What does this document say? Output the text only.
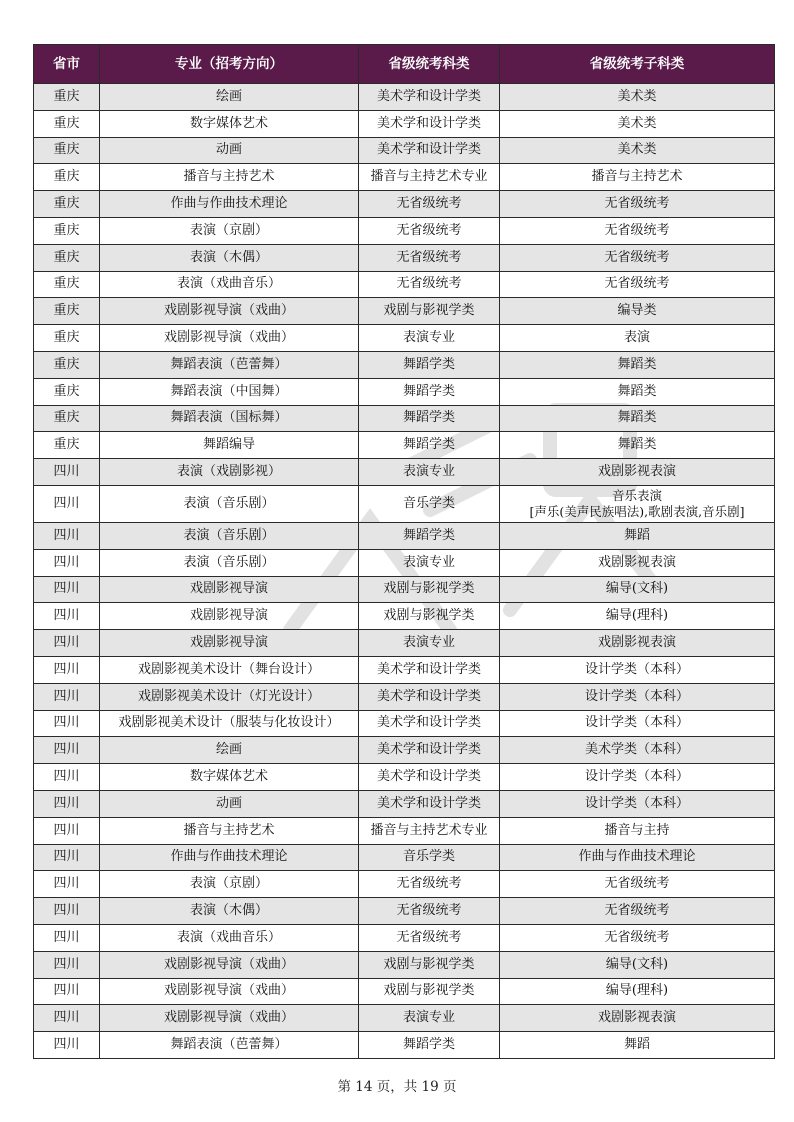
省市	专业（招考方向）	省级统考科类	省级统考子科类
重庆	绘画	美术学和设计学类	美术类
重庆	数字媒体艺术	美术学和设计学类	美术类
重庆	动画	美术学和设计学类	美术类
重庆	播音与主持艺术	播音与主持艺术专业	播音与主持艺术
重庆	作曲与作曲技术理论	无省级统考	无省级统考
重庆	表演（京剧）	无省级统考	无省级统考
重庆	表演（木偶）	无省级统考	无省级统考
重庆	表演（戏曲音乐）	无省级统考	无省级统考
重庆	戏剧影视导演（戏曲）	戏剧与影视学类	编导类
重庆	戏剧影视导演（戏曲）	表演专业	表演
重庆	舞蹈表演（芭蕾舞）	舞蹈学类	舞蹈类
重庆	舞蹈表演（中国舞）	舞蹈学类	舞蹈类
重庆	舞蹈表演（国标舞）	舞蹈学类	舞蹈类
重庆	舞蹈编导	舞蹈学类	舞蹈类
四川	表演（戏剧影视）	表演专业	戏剧影视表演
四川	表演（音乐剧）	音乐学类	音乐表演
[声乐(美声民族唱法),歌剧表演,音乐剧]

四川	表演（音乐剧）	舞蹈学类	舞蹈
四川	表演（音乐剧）	表演专业	戏剧影视表演
四川	戏剧影视导演	戏剧与影视学类	编导(文科)
四川	戏剧影视导演	戏剧与影视学类	编导(理科)
四川	戏剧影视导演	表演专业	戏剧影视表演
四川	戏剧影视美术设计（舞台设计）	美术学和设计学类	设计学类（本科）
四川	戏剧影视美术设计（灯光设计）	美术学和设计学类	设计学类（本科）
四川	戏剧影视美术设计（服装与化妆设计）	美术学和设计学类	设计学类（本科）
四川	绘画	美术学和设计学类	美术学类（本科）
四川	数字媒体艺术	美术学和设计学类	设计学类（本科）
四川	动画	美术学和设计学类	设计学类（本科）
四川	播音与主持艺术	播音与主持艺术专业	播音与主持
四川	作曲与作曲技术理论	音乐学类	作曲与作曲技术理论
四川	表演（京剧）	无省级统考	无省级统考
四川	表演（木偶）	无省级统考	无省级统考
四川	表演（戏曲音乐）	无省级统考	无省级统考
四川	戏剧影视导演（戏曲）	戏剧与影视学类	编导(文科)
四川	戏剧影视导演（戏曲）	戏剧与影视学类	编导(理科)
四川	戏剧影视导演（戏曲）	表演专业	戏剧影视表演
四川	舞蹈表演（芭蕾舞）	舞蹈学类	舞蹈
第 14 页，共 19 页
